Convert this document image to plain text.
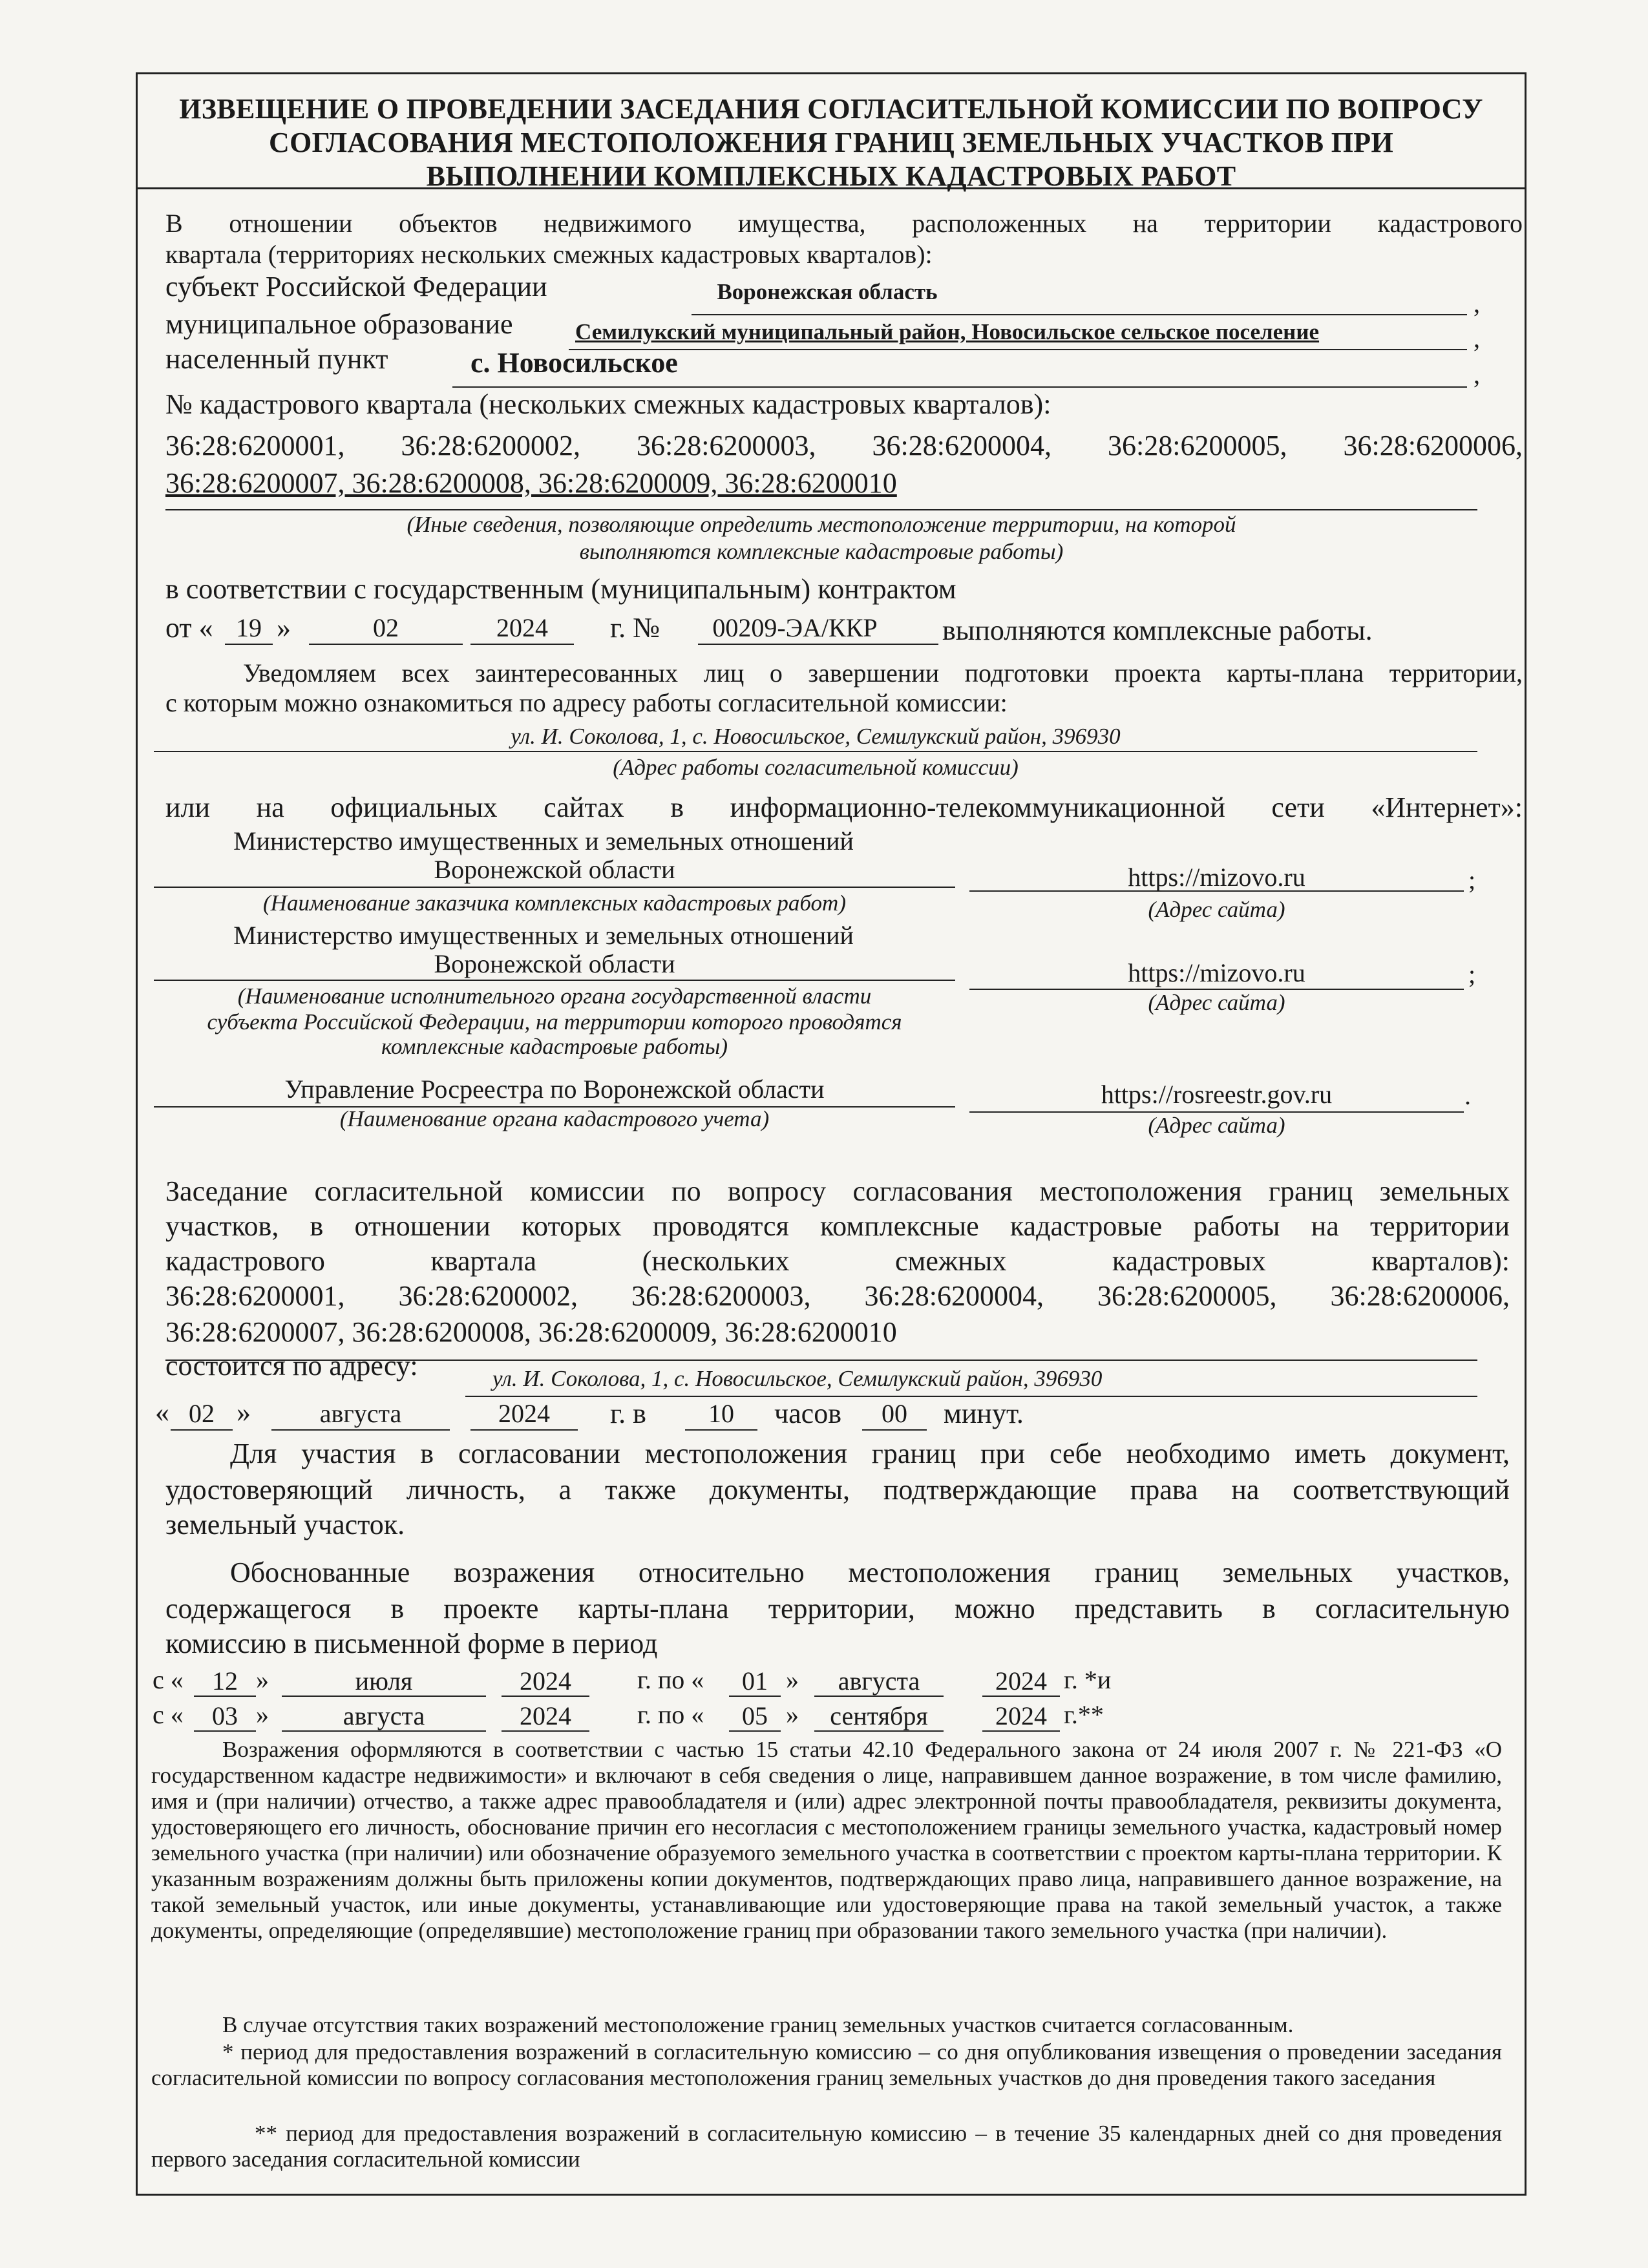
ИЗВЕЩЕНИЕ О ПРОВЕДЕНИИ ЗАСЕДАНИЯ СОГЛАСИТЕЛЬНОЙ КОМИССИИ ПО ВОПРОСУ
СОГЛАСОВАНИЯ МЕСТОПОЛОЖЕНИЯ ГРАНИЦ ЗЕМЕЛЬНЫХ УЧАСТКОВ ПРИ
ВЫПОЛНЕНИИ КОМПЛЕКСНЫХ КАДАСТРОВЫХ РАБОТ
В отношении объектов недвижимого имущества, расположенных на территории кадастрового
квартала (территориях нескольких смежных кадастровых кварталов):
субъект Российской Федерации	Воронежская область	,
муниципальное образование	Семилукский муниципальный район, Новосильское сельское поселение	,
населенный пункт	с. Новосильское	,
№ кадастрового квартала (нескольких смежных кадастровых кварталов):
36:28:6200001, 36:28:6200002, 36:28:6200003, 36:28:6200004, 36:28:6200005, 36:28:6200006,
36:28:6200007, 36:28:6200008, 36:28:6200009, 36:28:6200010
(Иные сведения, позволяющие определить местоположение территории, на которой
выполняются комплексные кадастровые работы)
в соответствии с государственным (муниципальным) контрактом
от « 19 »	02	2024	г. №	00209-ЭА/ККР	выполняются комплексные работы.
Уведомляем всех заинтересованных лиц о завершении подготовки проекта карты-плана территории,
с которым можно ознакомиться по адресу работы согласительной комиссии:
ул. И. Соколова, 1, с. Новосильское, Семилукский район, 396930
(Адрес работы согласительной комиссии)
или на официальных сайтах в информационно-телекоммуникационной сети «Интернет»:
Министерство имущественных и земельных отношений
Воронежской области
(Наименование заказчика комплексных кадастровых работ)
https://mizovo.ru	;
(Адрес сайта)
Министерство имущественных и земельных отношений
Воронежской области
(Наименование исполнительного органа государственной власти
субъекта Российской Федерации, на территории которого проводятся
комплексные кадастровые работы)
https://mizovo.ru	;
(Адрес сайта)
Управление Росреестра по Воронежской области
(Наименование органа кадастрового учета)
https://rosreestr.gov.ru	.
(Адрес сайта)
Заседание согласительной комиссии по вопросу согласования местоположения границ земельных
участков, в отношении которых проводятся комплексные кадастровые работы на территории
кадастрового квартала (нескольких смежных кадастровых кварталов):
36:28:6200001, 36:28:6200002, 36:28:6200003, 36:28:6200004, 36:28:6200005, 36:28:6200006,
36:28:6200007, 36:28:6200008, 36:28:6200009, 36:28:6200010
состоится по адресу:	ул. И. Соколова, 1, с. Новосильское, Семилукский район, 396930
« 02 »	августа	2024	г. в	10	часов	00	минут.
Для участия в согласовании местоположения границ при себе необходимо иметь документ,
удостоверяющий личность, а также документы, подтверждающие права на соответствующий
земельный участок.
Обоснованные возражения относительно местоположения границ земельных участков,
содержащегося в проекте карты-плана территории, можно представить в согласительную
комиссию в письменной форме в период
с «	12 »	июля	2024	г. по «	01 »	августа	2024 г. *и
с «	03 »	августа	2024	г. по «	05 »	сентября	2024 г.**
Возражения оформляются в соответствии с частью 15 статьи 42.10 Федерального закона от 24 июля 2007 г. № 221-ФЗ «О государственном кадастре недвижимости» и включают в себя сведения о лице, направившем данное возражение, в том числе фамилию, имя и (при наличии) отчество, а также адрес правообладателя и (или) адрес электронной почты правообладателя, реквизиты документа, удостоверяющего его личность, обоснование причин его несогласия с местоположением границы земельного участка, кадастровый номер земельного участка (при наличии) или обозначение образуемого земельного участка в соответствии с проектом карты-плана территории. К указанным возражениям должны быть приложены копии документов, подтверждающих право лица, направившего данное возражение, на такой земельный участок, или иные документы, устанавливающие или удостоверяющие права на такой земельный участок, а также документы, определяющие (определявшие) местоположение границ при образовании такого земельного участка (при наличии).
В случае отсутствия таких возражений местоположение границ земельных участков считается согласованным.
* период для предоставления возражений в согласительную комиссию – со дня опубликования извещения о проведении заседания согласительной комиссии по вопросу согласования местоположения границ земельных участков до дня проведения такого заседания
** период для предоставления возражений в согласительную комиссию – в течение 35 календарных дней со дня проведения первого заседания согласительной комиссии
